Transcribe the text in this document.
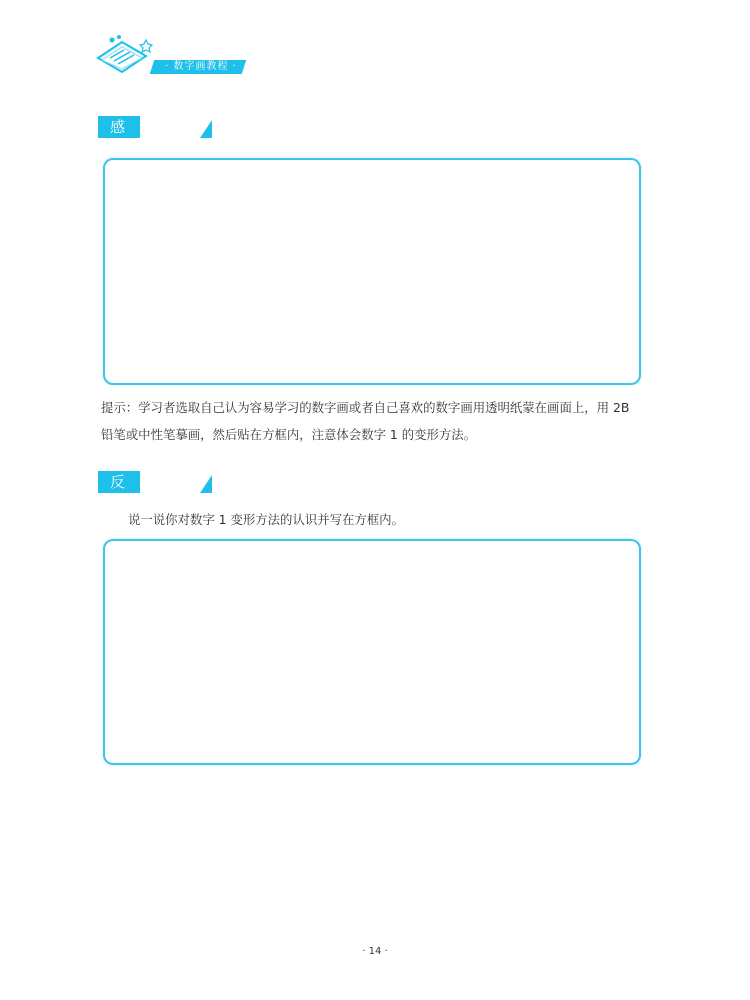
· 数字画教程 ·
感知
提示：学习者选取自己认为容易学习的数字画或者自己喜欢的数字画用透明纸蒙在画面上，用 2B 铅笔或中性笔摹画，然后贴在方框内，注意体会数字 1 的变形方法。
反思与 说一说你对数字 1 变形方法的认识并写在方框内。
· 14 ·
